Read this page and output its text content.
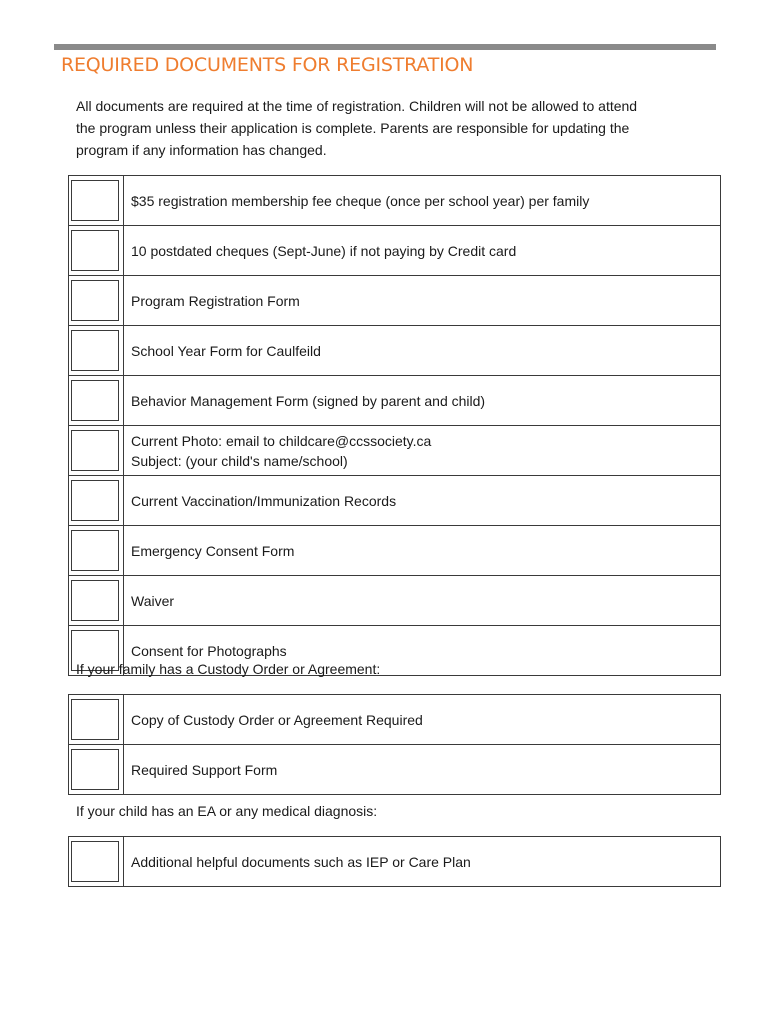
REQUIRED DOCUMENTS FOR REGISTRATION
All documents are required at the time of registration. Children will not be allowed to attend
the program unless their application is complete. Parents are responsible for updating the
program if any information has changed.
	$35 registration membership fee cheque (once per school year) per family

	10 postdated cheques (Sept-June) if not paying by Credit card

	Program Registration Form

	School Year Form for Caulfeild

	Behavior Management Form (signed by parent and child)

	Current Photo: email to childcare@ccssociety.ca
Subject: (your child's name/school)

	Current Vaccination/Immunization Records

	Emergency Consent Form

	Waiver

	Consent for Photographs
If your family has a Custody Order or Agreement:
	Copy of Custody Order or Agreement Required

	Required Support Form
If your child has an EA or any medical diagnosis:
	Additional helpful documents such as IEP or Care Plan
